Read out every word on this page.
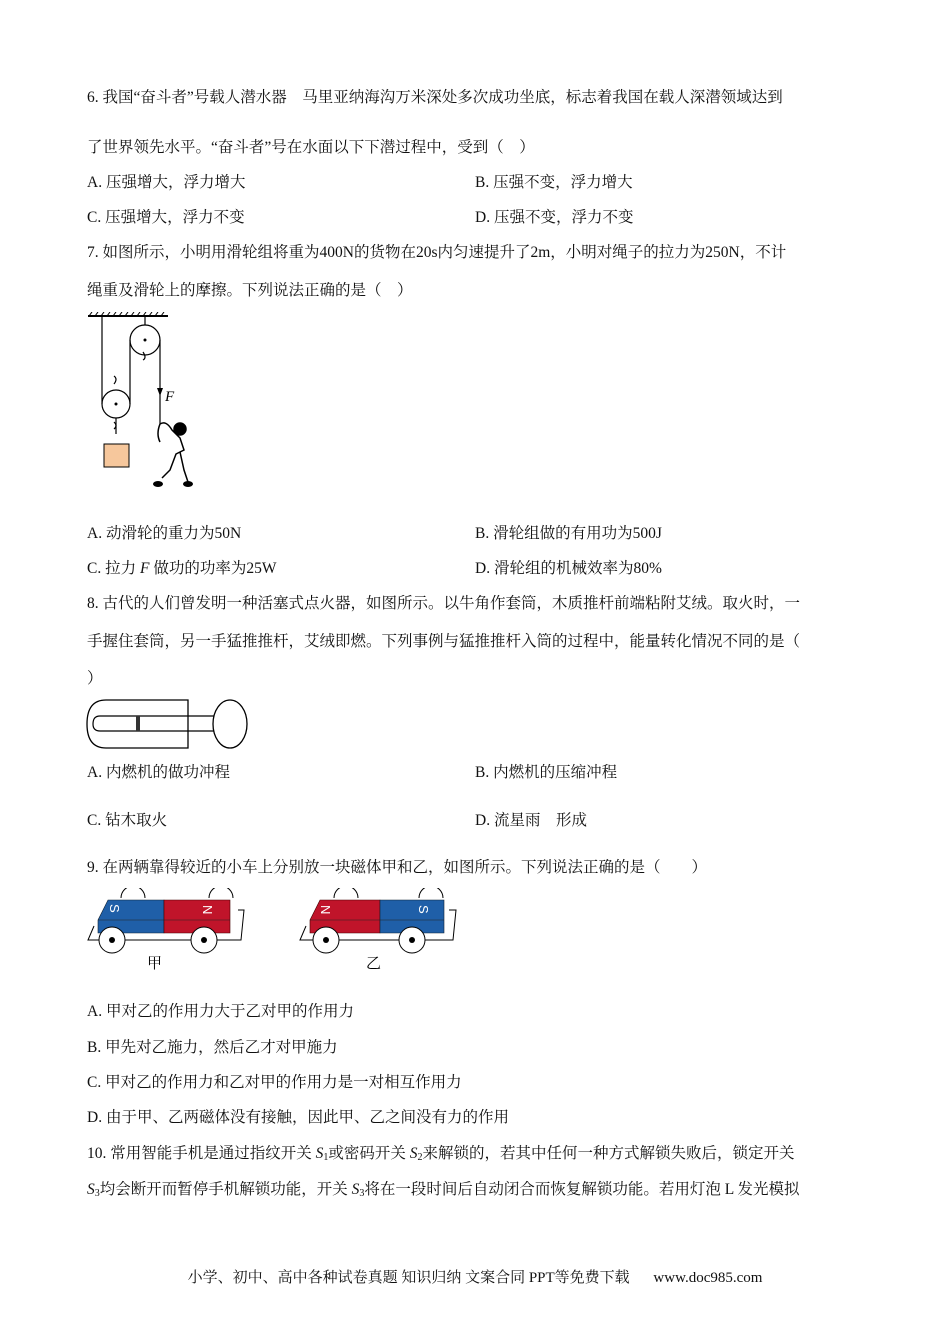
6. 我国“奋斗者”号载人潜水器　马里亚纳海沟万米深处多次成功坐底，标志着我国在载人深潜领域达到
了世界领先水平。“奋斗者”号在水面以下下潜过程中，受到（　）
A. 压强增大，浮力增大	B. 压强不变，浮力增大
C. 压强增大，浮力不变	D. 压强不变，浮力不变
7. 如图所示，小明用滑轮组将重为400N的货物在20s内匀速提升了2m，小明对绳子的拉力为250N，不计
绳重及滑轮上的摩擦。下列说法正确的是（　）
F
A. 动滑轮的重力为50N	B. 滑轮组做的有用功为500J
C. 拉力 F 做功的功率为25W	D. 滑轮组的机械效率为80%
8. 古代的人们曾发明一种活塞式点火器，如图所示。以牛角作套筒，木质推杆前端粘附艾绒。取火时，一
手握住套筒，另一手猛推推杆，艾绒即燃。下列事例与猛推推杆入筒的过程中，能量转化情况不同的是（
）
A. 内燃机的做功冲程	B. 内燃机的压缩冲程
C. 钻木取火	D. 流星雨　形成
9. 在两辆靠得较近的小车上分别放一块磁体甲和乙，如图所示。下列说法正确的是（　　）
S	N	N	S
甲	乙
A. 甲对乙的作用力大于乙对甲的作用力
B. 甲先对乙施力，然后乙才对甲施力
C. 甲对乙的作用力和乙对甲的作用力是一对相互作用力
D. 由于甲、乙两磁体没有接触，因此甲、乙之间没有力的作用
10. 常用智能手机是通过指纹开关 $S_1$或密码开关 $S_2$来解锁的，若其中任何一种方式解锁失败后，锁定开关
$S_3$均会断开而暂停手机解锁功能，开关 $S_3$将在一段时间后自动闭合而恢复解锁功能。若用灯泡 L 发光模拟
小学、初中、高中各种试卷真题 知识归纳 文案合同 PPT等免费下载 www.doc985.com
